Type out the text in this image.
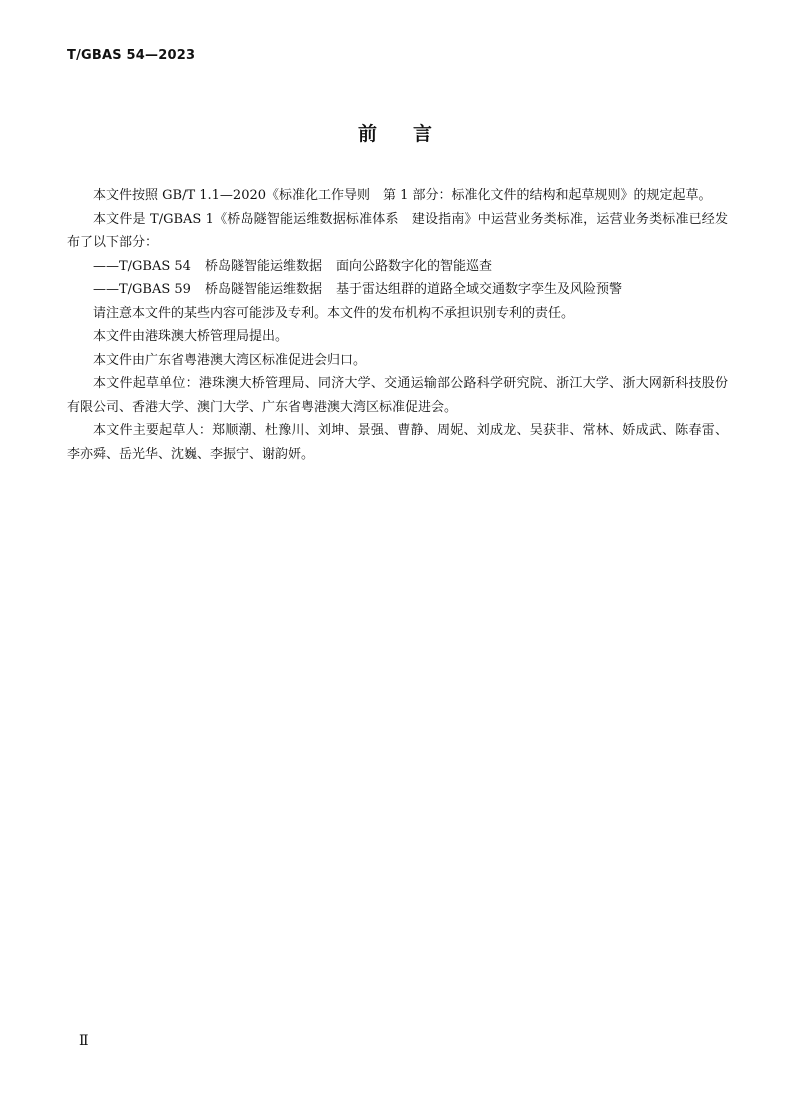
T/GBAS 54—2023
前言

本文件按照 GB/T 1.1—2020《标准化工作导则　第 1 部分：标准化文件的结构和起草规则》的规定起草。

本文件是 T/GBAS 1《桥岛隧智能运维数据标准体系　建设指南》中运营业务类标准，运营业务类标准已经发布了以下部分：

——T/GBAS 54 桥岛隧智能运维数据 面向公路数字化的智能巡查

——T/GBAS 59 桥岛隧智能运维数据 基于雷达组群的道路全域交通数字孪生及风险预警

请注意本文件的某些内容可能涉及专利。本文件的发布机构不承担识别专利的责任。

本文件由港珠澳大桥管理局提出。

本文件由广东省粤港澳大湾区标准促进会归口。

本文件起草单位：港珠澳大桥管理局、同济大学、交通运输部公路科学研究院、浙江大学、浙大网新科技股份有限公司、香港大学、澳门大学、广东省粤港澳大湾区标准促进会。

本文件主要起草人：郑顺潮、杜豫川、刘坤、景强、曹静、周妮、刘成龙、吴获非、常林、娇成武、陈春雷、李亦舜、岳光华、沈巍、李振宁、谢韵妍。

Ⅱ
